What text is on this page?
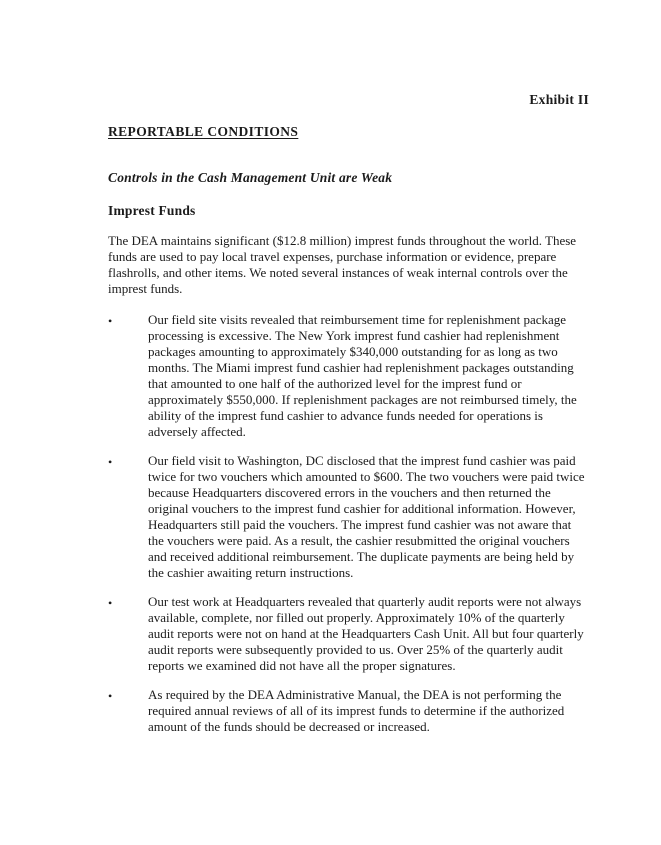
Exhibit II
REPORTABLE CONDITIONS
Controls in the Cash Management Unit are Weak
Imprest Funds

The DEA maintains significant ($12.8 million) imprest funds throughout the world. These funds are used to pay local travel expenses, purchase information or evidence, prepare flashrolls, and other items. We noted several instances of weak internal controls over the imprest funds.

•	Our field site visits revealed that reimbursement time for replenishment package processing is excessive. The New York imprest fund cashier had replenishment packages amounting to approximately $340,000 outstanding for as long as two months. The Miami imprest fund cashier had replenishment packages outstanding that amounted to one half of the authorized level for the imprest fund or approximately $550,000. If replenishment packages are not reimbursed timely, the ability of the imprest fund cashier to advance funds needed for operations is adversely affected.
•	Our field visit to Washington, DC disclosed that the imprest fund cashier was paid twice for two vouchers which amounted to $600. The two vouchers were paid twice because Headquarters discovered errors in the vouchers and then returned the original vouchers to the imprest fund cashier for additional information. However, Headquarters still paid the vouchers. The imprest fund cashier was not aware that the vouchers were paid. As a result, the cashier resubmitted the original vouchers and received additional reimbursement. The duplicate payments are being held by the cashier awaiting return instructions.
•	Our test work at Headquarters revealed that quarterly audit reports were not always available, complete, nor filled out properly. Approximately 10% of the quarterly audit reports were not on hand at the Headquarters Cash Unit. All but four quarterly audit reports were subsequently provided to us. Over 25% of the quarterly audit reports we examined did not have all the proper signatures.
•	As required by the DEA Administrative Manual, the DEA is not performing the required annual reviews of all of its imprest funds to determine if the authorized amount of the funds should be decreased or increased.
